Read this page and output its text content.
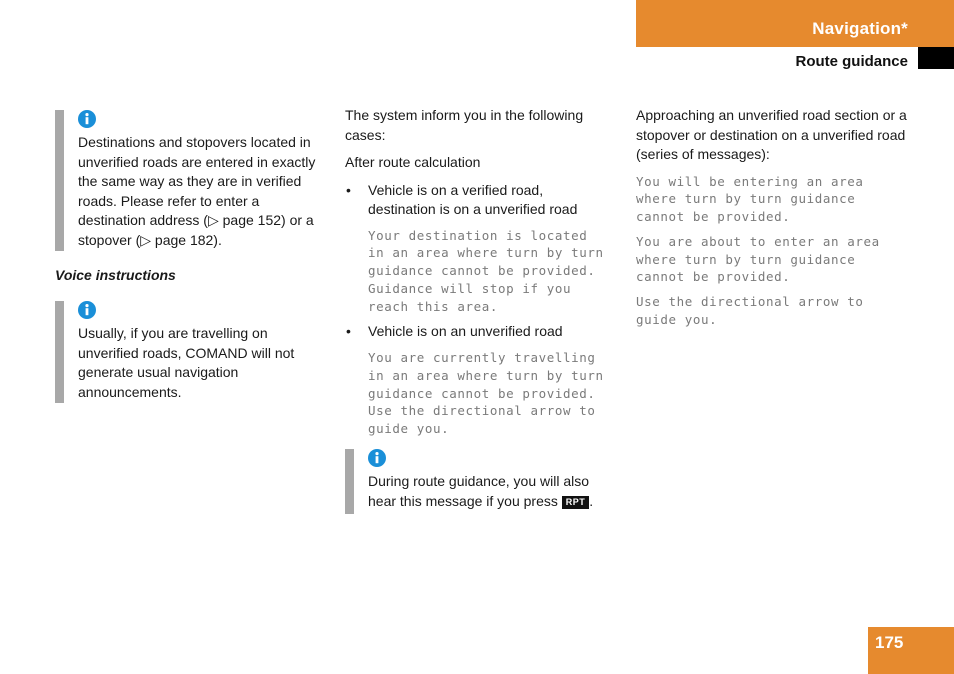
Navigation*
Route guidance

Destinations and stopovers located in unverified roads are entered in exactly the same way as they are in verified roads. Please refer to enter a destination address (▷ page 152) or a stopover (▷ page 182).

Voice instructions

Usually, if you are travelling on unverified roads, COMAND will not generate usual navigation announcements.

The system inform you in the following cases:

After route calculation

• Vehicle is on a verified road, destination is on a unverified road

Your destination is located
in an area where turn by turn
guidance cannot be provided.
Guidance will stop if you
reach this area.

• Vehicle is on an unverified road

You are currently travelling
in an area where turn by turn
guidance cannot be provided.
Use the directional arrow to
guide you.

During route guidance, you will also hear this message if you press RPT .

Approaching an unverified road section or a stopover or destination on a unverified road (series of messages):

You will be entering an area
where turn by turn guidance
cannot be provided.

You are about to enter an area
where turn by turn guidance
cannot be provided.

Use the directional arrow to
guide you.

175
